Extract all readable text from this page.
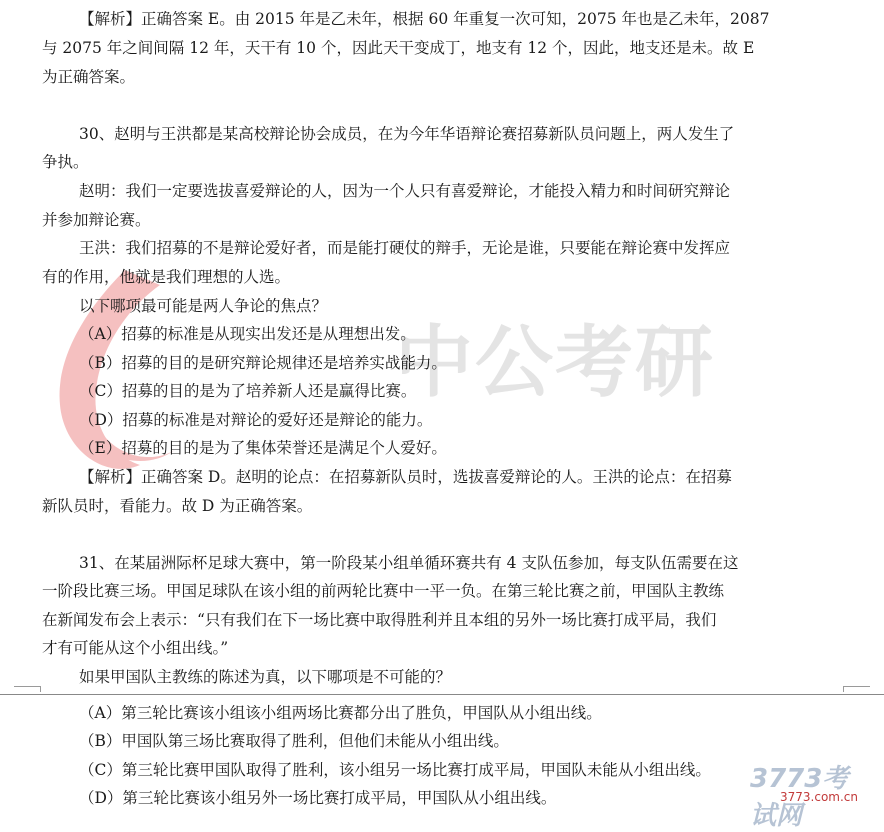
中公考研
【解析】正确答案 E。由 2015 年是乙未年，根据 60 年重复一次可知，2075 年也是乙未年，2087
与 2075 年之间间隔 12 年，天干有 10 个，因此天干变成丁，地支有 12 个，因此，地支还是未。故 E
为正确答案。
30、赵明与王洪都是某高校辩论协会成员，在为今年华语辩论赛招募新队员问题上，两人发生了
争执。
赵明：我们一定要选拔喜爱辩论的人，因为一个人只有喜爱辩论，才能投入精力和时间研究辩论
并参加辩论赛。
王洪：我们招募的不是辩论爱好者，而是能打硬仗的辩手，无论是谁，只要能在辩论赛中发挥应
有的作用，他就是我们理想的人选。
以下哪项最可能是两人争论的焦点？
（A）招募的标准是从现实出发还是从理想出发。
（B）招募的目的是研究辩论规律还是培养实战能力。
（C）招募的目的是为了培养新人还是赢得比赛。
（D）招募的标准是对辩论的爱好还是辩论的能力。
（E）招募的目的是为了集体荣誉还是满足个人爱好。
【解析】正确答案 D。赵明的论点：在招募新队员时，选拔喜爱辩论的人。王洪的论点：在招募
新队员时，看能力。故 D 为正确答案。
31、在某届洲际杯足球大赛中，第一阶段某小组单循环赛共有 4 支队伍参加，每支队伍需要在这
一阶段比赛三场。甲国足球队在该小组的前两轮比赛中一平一负。在第三轮比赛之前，甲国队主教练
在新闻发布会上表示：“只有我们在下一场比赛中取得胜利并且本组的另外一场比赛打成平局，我们
才有可能从这个小组出线。”
如果甲国队主教练的陈述为真，以下哪项是不可能的？
（A）第三轮比赛该小组该小组两场比赛都分出了胜负，甲国队从小组出线。
（B）甲国队第三场比赛取得了胜利，但他们未能从小组出线。
（C）第三轮比赛甲国队取得了胜利，该小组另一场比赛打成平局，甲国队未能从小组出线。
（D）第三轮比赛该小组另外一场比赛打成平局，甲国队从小组出线。
3773考试网
3773.com.cn
